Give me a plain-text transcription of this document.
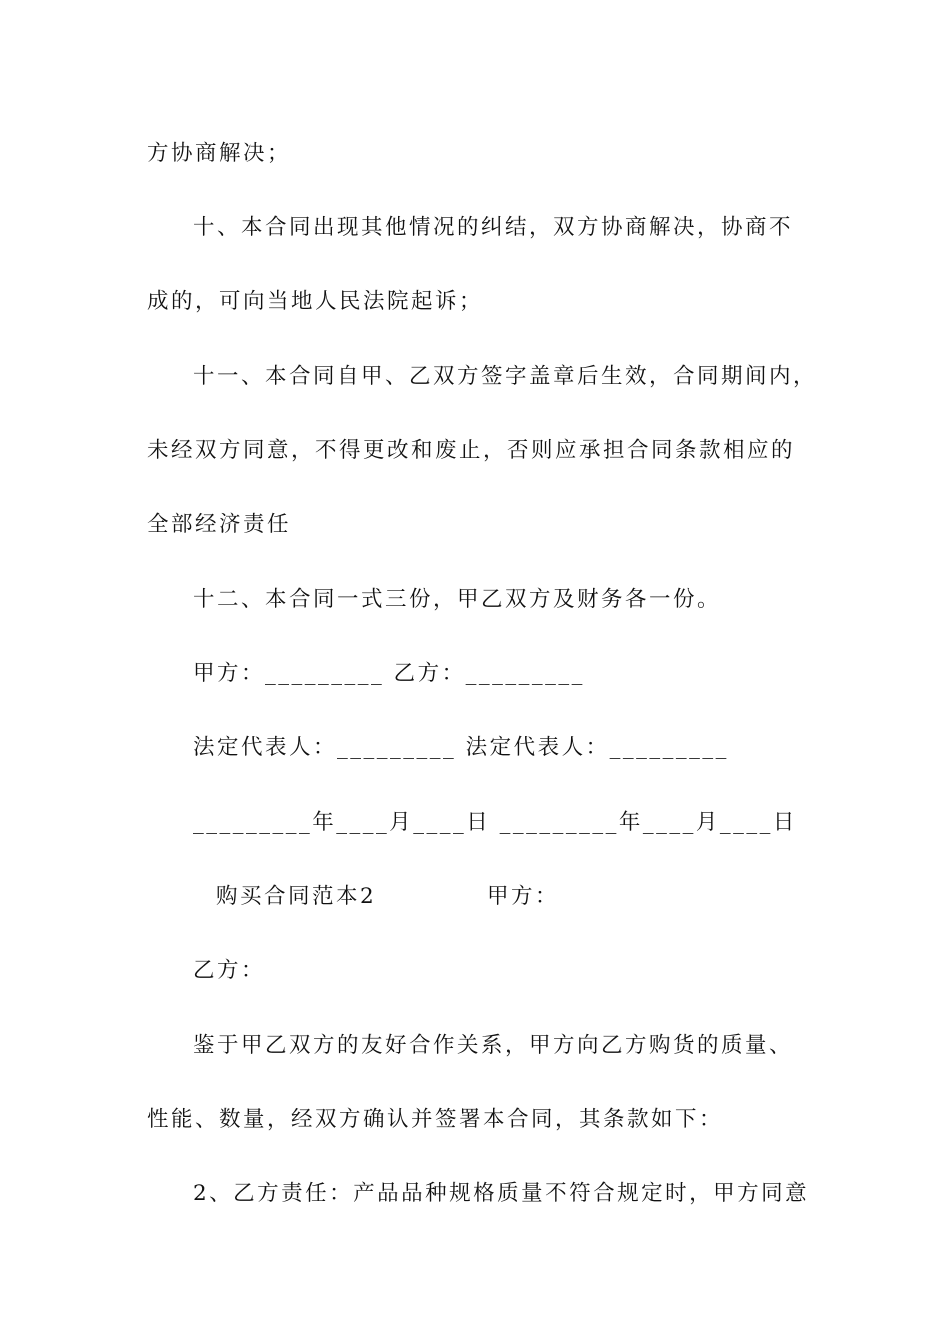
方协商解决；
十、本合同出现其他情况的纠结，双方协商解决，协商不
成的，可向当地人民法院起诉；
十一、本合同自甲、乙双方签字盖章后生效，合同期间内，
未经双方同意，不得更改和废止，否则应承担合同条款相应的
全部经济责任
十二、本合同一式三份，甲乙双方及财务各一份。
甲方：_________ 乙方：_________
法定代表人：_________ 法定代表人：_________
_________年____月____日 _________年____月____日
购买合同范本2	甲方：
乙方：
鉴于甲乙双方的友好合作关系，甲方向乙方购货的质量、
性能、数量，经双方确认并签署本合同，其条款如下：
2、乙方责任：产品品种规格质量不符合规定时，甲方同意
